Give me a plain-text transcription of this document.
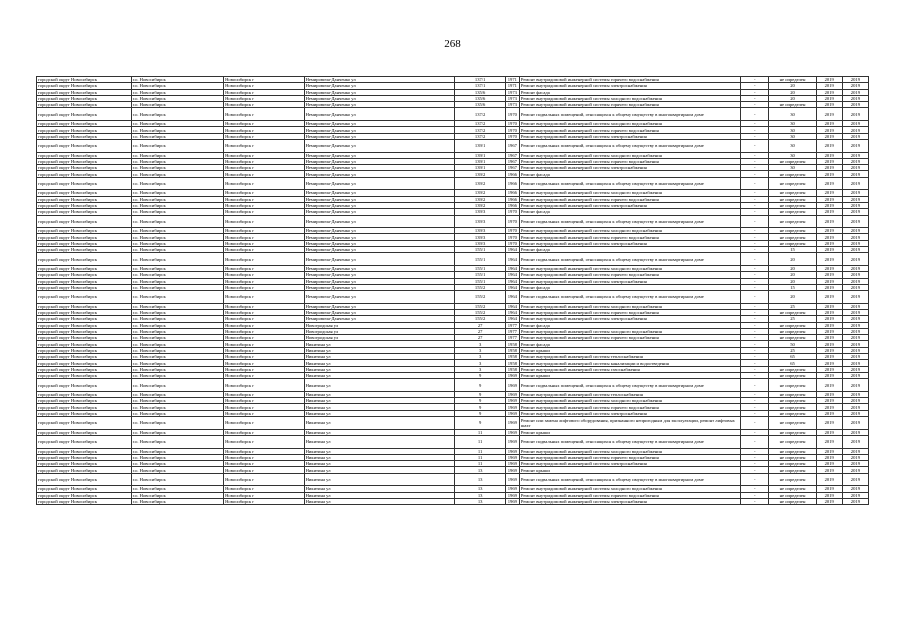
268
городской округ Новосибирск	г.о. Новосибирск	Новосибирск г	Немировича-Данченко ул	137/1	1971	Ремонт внутридомовой инженерной системы горячего водоснабжения	-	не определен	2019	2019
городской округ Новосибирск	г.о. Новосибирск	Новосибирск г	Немировича-Данченко ул	137/1	1971	Ремонт внутридомовой инженерной системы электроснабжения	-	20	2019	2019
городской округ Новосибирск	г.о. Новосибирск	Новосибирск г	Немировича-Данченко ул	135/6	1973	Ремонт фасада	-	20	2019	2019
городской округ Новосибирск	г.о. Новосибирск	Новосибирск г	Немировича-Данченко ул	135/6	1973	Ремонт внутридомовой инженерной системы холодного водоснабжения	-	20	2019	2019
городской округ Новосибирск	г.о. Новосибирск	Новосибирск г	Немировича-Данченко ул	135/6	1973	Ремонт внутридомовой инженерной системы горячего водоснабжения	-	не определен	2019	2019
городской округ Новосибирск	г.о. Новосибирск	Новосибирск г	Немировича-Данченко ул	137/2	1970	Ремонт подвальных помещений, относящихся к общему имуществу в многоквартирном доме	-	30	2019	2019
городской округ Новосибирск	г.о. Новосибирск	Новосибирск г	Немировича-Данченко ул	137/2	1970	Ремонт внутридомовой инженерной системы холодного водоснабжения	-	30	2019	2019
городской округ Новосибирск	г.о. Новосибирск	Новосибирск г	Немировича-Данченко ул	137/2	1970	Ремонт внутридомовой инженерной системы горячего водоснабжения	-	30	2019	2019
городской округ Новосибирск	г.о. Новосибирск	Новосибирск г	Немировича-Данченко ул	137/2	1970	Ремонт внутридомовой инженерной системы электроснабжения	-	30	2019	2019
городской округ Новосибирск	г.о. Новосибирск	Новосибирск г	Немировича-Данченко ул	139/1	1967	Ремонт подвальных помещений, относящихся к общему имуществу в многоквартирном доме	-	30	2019	2019
городской округ Новосибирск	г.о. Новосибирск	Новосибирск г	Немировича-Данченко ул	139/1	1967	Ремонт внутридомовой инженерной системы холодного водоснабжения	-	30	2019	2019
городской округ Новосибирск	г.о. Новосибирск	Новосибирск г	Немировича-Данченко ул	139/1	1967	Ремонт внутридомовой инженерной системы горячего водоснабжения	-	не определен	2019	2019
городской округ Новосибирск	г.о. Новосибирск	Новосибирск г	Немировича-Данченко ул	139/1	1967	Ремонт внутридомовой инженерной системы электроснабжения	-	30	2019	2019
городской округ Новосибирск	г.о. Новосибирск	Новосибирск г	Немировича-Данченко ул	139/2	1966	Ремонт фасада	-	не определен	2019	2019
городской округ Новосибирск	г.о. Новосибирск	Новосибирск г	Немировича-Данченко ул	139/2	1966	Ремонт подвальных помещений, относящихся к общему имуществу в многоквартирном доме	-	не определен	2019	2019
городской округ Новосибирск	г.о. Новосибирск	Новосибирск г	Немировича-Данченко ул	139/2	1966	Ремонт внутридомовой инженерной системы холодного водоснабжения	-	не определен	2019	2019
городской округ Новосибирск	г.о. Новосибирск	Новосибирск г	Немировича-Данченко ул	139/2	1966	Ремонт внутридомовой инженерной системы горячего водоснабжения	-	не определен	2019	2019
городской округ Новосибирск	г.о. Новосибирск	Новосибирск г	Немировича-Данченко ул	139/2	1966	Ремонт внутридомовой инженерной системы электроснабжения	-	не определен	2019	2019
городской округ Новосибирск	г.о. Новосибирск	Новосибирск г	Немировича-Данченко ул	139/3	1970	Ремонт фасада	-	не определен	2019	2019
городской округ Новосибирск	г.о. Новосибирск	Новосибирск г	Немировича-Данченко ул	139/3	1970	Ремонт подвальных помещений, относящихся к общему имуществу в многоквартирном доме	-	не определен	2019	2019
городской округ Новосибирск	г.о. Новосибирск	Новосибирск г	Немировича-Данченко ул	139/3	1970	Ремонт внутридомовой инженерной системы холодного водоснабжения	-	не определен	2019	2019
городской округ Новосибирск	г.о. Новосибирск	Новосибирск г	Немировича-Данченко ул	139/3	1970	Ремонт внутридомовой инженерной системы горячего водоснабжения	-	не определен	2019	2019
городской округ Новосибирск	г.о. Новосибирск	Новосибирск г	Немировича-Данченко ул	139/3	1970	Ремонт внутридомовой инженерной системы электроснабжения	-	не определен	2019	2019
городской округ Новосибирск	г.о. Новосибирск	Новосибирск г	Немировича-Данченко ул	155/1	1964	Ремонт фасада	-	15	2019	2019
городской округ Новосибирск	г.о. Новосибирск	Новосибирск г	Немировича-Данченко ул	155/1	1964	Ремонт подвальных помещений, относящихся к общему имуществу в многоквартирном доме	-	20	2019	2019
городской округ Новосибирск	г.о. Новосибирск	Новосибирск г	Немировича-Данченко ул	155/1	1964	Ремонт внутридомовой инженерной системы холодного водоснабжения	-	20	2019	2019
городской округ Новосибирск	г.о. Новосибирск	Новосибирск г	Немировича-Данченко ул	155/1	1964	Ремонт внутридомовой инженерной системы горячего водоснабжения	-	20	2019	2019
городской округ Новосибирск	г.о. Новосибирск	Новосибирск г	Немировича-Данченко ул	155/1	1964	Ремонт внутридомовой инженерной системы электроснабжения	-	20	2019	2019
городской округ Новосибирск	г.о. Новосибирск	Новосибирск г	Немировича-Данченко ул	155/2	1964	Ремонт фасада	-	15	2019	2019
городской округ Новосибирск	г.о. Новосибирск	Новосибирск г	Немировича-Данченко ул	155/2	1964	Ремонт подвальных помещений, относящихся к общему имуществу в многоквартирном доме	-	20	2019	2019
городской округ Новосибирск	г.о. Новосибирск	Новосибирск г	Немировича-Данченко ул	155/2	1964	Ремонт внутридомовой инженерной системы холодного водоснабжения	-	25	2019	2019
городской округ Новосибирск	г.о. Новосибирск	Новосибирск г	Немировича-Данченко ул	155/2	1964	Ремонт внутридомовой инженерной системы горячего водоснабжения	-	не определен	2019	2019
городской округ Новосибирск	г.о. Новосибирск	Новосибирск г	Немировича-Данченко ул	155/2	1964	Ремонт внутридомовой инженерной системы электроснабжения	-	25	2019	2019
городской округ Новосибирск	г.о. Новосибирск	Новосибирск г	Новогродская ул	27	1977	Ремонт фасада	-	не определен	2019	2019
городской округ Новосибирск	г.о. Новосибирск	Новосибирск г	Новогродская ул	27	1977	Ремонт внутридомовой инженерной системы холодного водоснабжения	-	не определен	2019	2019
городской округ Новосибирск	г.о. Новосибирск	Новосибирск г	Новогродская ул	27	1977	Ремонт внутридомовой инженерной системы горячего водоснабжения	-	не определен	2019	2019
городской округ Новосибирск	г.о. Новосибирск	Новосибирск г	Никитина ул	3	1958	Ремонт фасада	-	50	2019	2019
городской округ Новосибирск	г.о. Новосибирск	Новосибирск г	Никитина ул	3	1958	Ремонт крыши	-	25	2019	2019
городской округ Новосибирск	г.о. Новосибирск	Новосибирск г	Никитина ул	3	1958	Ремонт внутридомовой инженерной системы теплоснабжения	-	65	2019	2019
городской округ Новосибирск	г.о. Новосибирск	Новосибирск г	Никитина ул	3	1958	Ремонт внутридомовой инженерной системы канализации и водоотведения	-	65	2019	2019
городской округ Новосибирск	г.о. Новосибирск	Новосибирск г	Никитина ул	3	1958	Ремонт внутридомовой инженерной системы газоснабжения	-	не определен	2019	2019
городской округ Новосибирск	г.о. Новосибирск	Новосибирск г	Никитина ул	9	1969	Ремонт крыши	-	не определен	2019	2019
городской округ Новосибирск	г.о. Новосибирск	Новосибирск г	Никитина ул	9	1969	Ремонт подвальных помещений, относящихся к общему имуществу в многоквартирном доме	-	не определен	2019	2019
городской округ Новосибирск	г.о. Новосибирск	Новосибирск г	Никитина ул	9	1969	Ремонт внутридомовой инженерной системы теплоснабжения	-	не определен	2019	2019
городской округ Новосибирск	г.о. Новосибирск	Новосибирск г	Никитина ул	9	1969	Ремонт внутридомовой инженерной системы холодного водоснабжения	-	не определен	2019	2019
городской округ Новосибирск	г.о. Новосибирск	Новосибирск г	Никитина ул	9	1969	Ремонт внутридомовой инженерной системы горячего водоснабжения	-	не определен	2019	2019
городской округ Новосибирск	г.о. Новосибирск	Новосибирск г	Никитина ул	9	1969	Ремонт внутридомовой инженерной системы электроснабжения	-	не определен	2019	2019
городской округ Новосибирск	г.о. Новосибирск	Новосибирск г	Никитина ул	9	1969	Ремонт или замена лифтового оборудования, признанного непригодным для эксплуатации, ремонт лифтовых шахт	-	не определен	2019	2019
городской округ Новосибирск	г.о. Новосибирск	Новосибирск г	Никитина ул	11	1969	Ремонт крыши	-	не определен	2019	2019
городской округ Новосибирск	г.о. Новосибирск	Новосибирск г	Никитина ул	11	1969	Ремонт подвальных помещений, относящихся к общему имуществу в многоквартирном доме	-	не определен	2019	2019
городской округ Новосибирск	г.о. Новосибирск	Новосибирск г	Никитина ул	11	1969	Ремонт внутридомовой инженерной системы холодного водоснабжения	-	не определен	2019	2019
городской округ Новосибирск	г.о. Новосибирск	Новосибирск г	Никитина ул	11	1969	Ремонт внутридомовой инженерной системы горячего водоснабжения	-	не определен	2019	2019
городской округ Новосибирск	г.о. Новосибирск	Новосибирск г	Никитина ул	11	1969	Ремонт внутридомовой инженерной системы электроснабжения	-	не определен	2019	2019
городской округ Новосибирск	г.о. Новосибирск	Новосибирск г	Никитина ул	13	1969	Ремонт крыши	-	не определен	2019	2019
городской округ Новосибирск	г.о. Новосибирск	Новосибирск г	Никитина ул	13	1969	Ремонт подвальных помещений, относящихся к общему имуществу в многоквартирном доме	-	не определен	2019	2019
городской округ Новосибирск	г.о. Новосибирск	Новосибирск г	Никитина ул	13	1969	Ремонт внутридомовой инженерной системы холодного водоснабжения	-	не определен	2019	2019
городской округ Новосибирск	г.о. Новосибирск	Новосибирск г	Никитина ул	13	1969	Ремонт внутридомовой инженерной системы горячего водоснабжения	-	не определен	2019	2019
городской округ Новосибирск	г.о. Новосибирск	Новосибирск г	Никитина ул	13	1969	Ремонт внутридомовой инженерной системы электроснабжения	-	не определен	2019	2019
